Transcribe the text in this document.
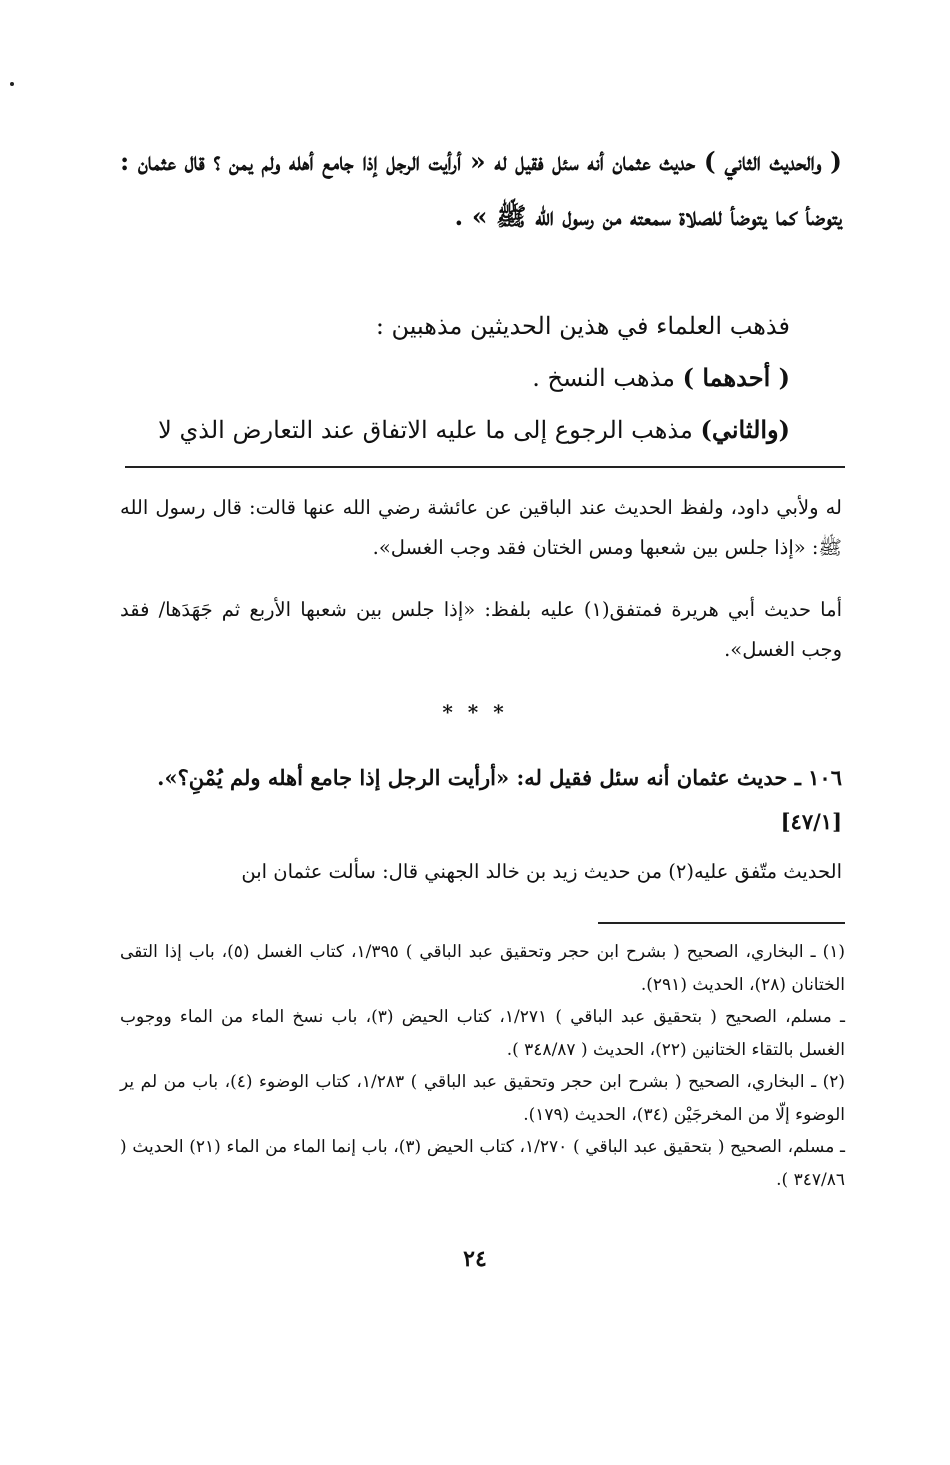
( والحديث الثاني ) حديث عثمان أنه سئل فقيل له « أرأيت الرجل إذا جامع أهله ولم يمن ؟ قال عثمان : يتوضأ كما يتوضأ للصلاة سمعته من رسول الله ﷺ » .

فذهب العلماء في هذين الحديثين مذهبين :
( أحدهما ) مذهب النسخ .
(والثاني) مذهب الرجوع إلى ما عليه الاتفاق عند التعارض الذي لا

له ولأبي داود، ولفظ الحديث عند الباقين عن عائشة رضي الله عنها قالت: قال رسول الله ﷺ: «إذا جلس بين شعبها ومس الختان فقد وجب الغسل».

أما حديث أبي هريرة فمتفق(١) عليه بلفظ: «إذا جلس بين شعبها الأربع ثم جَهَدَها/ فقد وجب الغسل».

* * *
١٠٦ ـ حديث عثمان أنه سئل فقيل له: «أرأيت الرجل إذا جامع أهله ولم يُمْنِ؟».
[٤٧/١]

الحديث متّفق عليه(٢) من حديث زيد بن خالد الجهني قال: سألت عثمان ابن

(١) ـ البخاري، الصحيح ( بشرح ابن حجر وتحقيق عبد الباقي ) ١/٣٩٥، كتاب الغسل (٥)، باب إذا التقى الختانان (٢٨)، الحديث (٢٩١).
ـ مسلم، الصحيح ( بتحقيق عبد الباقي ) ١/٢٧١، كتاب الحيض (٣)، باب نسخ الماء من الماء ووجوب الغسل بالتقاء الختانين (٢٢)، الحديث ( ٣٤٨/٨٧ ).
(٢) ـ البخاري، الصحيح ( بشرح ابن حجر وتحقيق عبد الباقي ) ١/٢٨٣، كتاب الوضوء (٤)، باب من لم ير الوضوء إلّا من المخرجَيْن (٣٤)، الحديث (١٧٩).
ـ مسلم، الصحيح ( بتحقيق عبد الباقي ) ١/٢٧٠، كتاب الحيض (٣)، باب إنما الماء من الماء (٢١) الحديث ( ٣٤٧/٨٦ ).
٢٤
